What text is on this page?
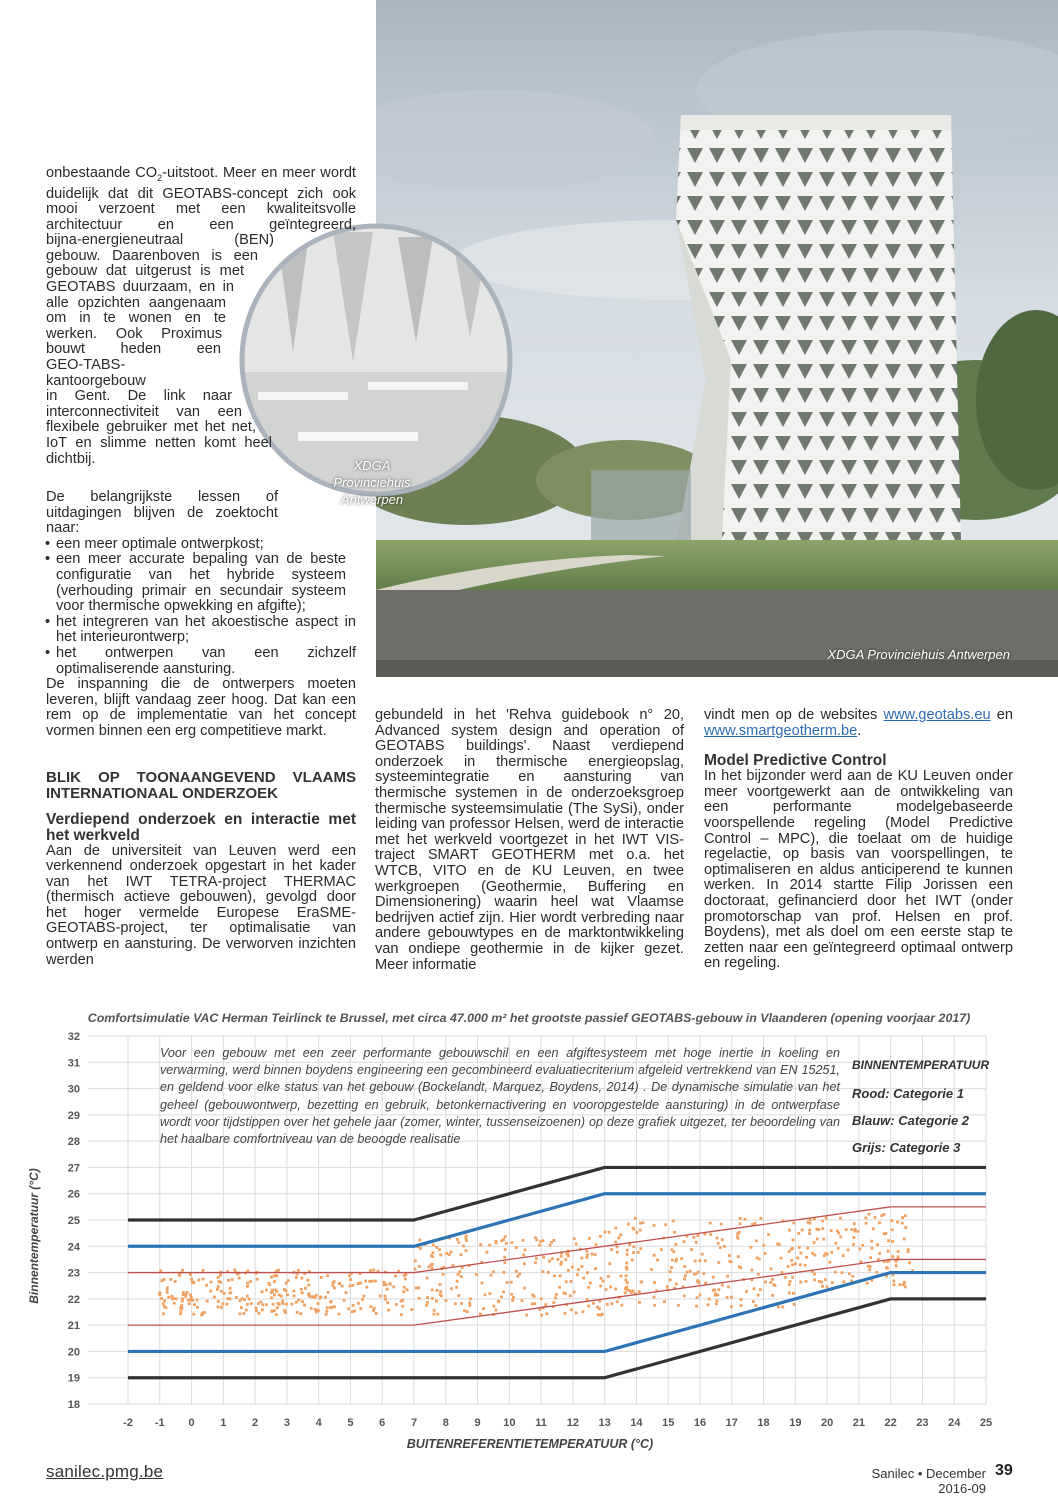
XDGA Provinciehuis
Antwerpen
XDGA Provinciehuis Antwerpen

onbestaande $CO_2$-uitstoot. Meer en meer wordt
duidelijk dat dit GEOTABS-concept zich ook
mooi verzoent met een kwaliteitsvolle
architectuur en een geïntegreerd,
bijna-energieneutraal (BEN)
gebouw. Daarenboven is een
gebouw dat uitgerust is met
GEOTABS duurzaam, en in
alle opzichten aangenaam
om in te wonen en te
werken. Ook Proximus
bouwt heden een
GEO-TABS-kantoorgebouw
in Gent. De link naar
interconnectiviteit van een
flexibele gebruiker met het net,
IoT en slimme netten komt heel
dichtbij.

De belangrijkste lessen of uitdagingen blijven de zoektocht naar:

• een meer optimale ontwerpkost;
• een meer accurate bepaling van de beste configuratie van het hybride systeem (verhouding primair en secundair systeem voor thermische opwekking en afgifte);
• het integreren van het akoestische aspect in het interieurontwerp;
• het ontwerpen van een zichzelf optimaliserende aansturing.

De inspanning die de ontwerpers moeten leveren, blijft vandaag zeer hoog. Dat kan een rem op de implementatie van het concept vormen binnen een erg competitieve markt.

BLIK OP TOONAANGEVEND VLAAMS INTERNATIONAAL ONDERZOEK
Verdiepend onderzoek en interactie met het werkveld

Aan de universiteit van Leuven werd een verkennend onderzoek opgestart in het kader van het IWT TETRA-project THERMAC (thermisch actieve gebouwen), gevolgd door het hoger vermelde Europese EraSME-GEOTABS-project, ter optimalisatie van ontwerp en aansturing. De verworven inzichten werden

gebundeld in het 'Rehva guidebook n° 20, Advanced system design and operation of GEOTABS buildings'. Naast verdiepend onderzoek in thermische energieopslag, systeemintegratie en aansturing van thermische systemen in de onderzoeksgroep thermische systeemsimulatie (The SySi), onder leiding van professor Helsen, werd de interactie met het werkveld voortgezet in het IWT VIS-traject SMART GEOTHERM met o.a. het WTCB, VITO en de KU Leuven, en twee werkgroepen (Geothermie, Buffering en Dimensionering) waarin heel wat Vlaamse bedrijven actief zijn. Hier wordt verbreding naar andere gebouwtypes en de marktontwikkeling van ondiepe geothermie in de kijker gezet. Meer informatie

vindt men op de websites www.geotabs.eu en www.smartgeotherm.be.

Model Predictive Control

In het bijzonder werd aan de KU Leuven onder meer voortgewerkt aan de ontwikkeling van een performante modelgebaseerde voorspellende regeling (Model Predictive Control – MPC), die toelaat om de huidige regelactie, op basis van voorspellingen, te optimaliseren en aldus anticiperend te kunnen werken. In 2014 startte Filip Jorissen een doctoraat, gefinancierd door het IWT (onder promotorschap van prof. Helsen en prof. Boydens), met als doel om een eerste stap te zetten naar een geïntegreerd optimaal ontwerp en regeling.

Comfortsimulatie VAC Herman Teirlinck te Brussel, met circa 47.000 m² het grootste passief GEOTABS-gebouw in Vlaanderen (opening voorjaar 2017)
18
19
20
21
22
23
24
25
26
27
28
29
30
31
32
-2 -1 0 1 2 3 4 5 6 7 8 9 10 11 12 13 14 15 16 17 18 19 20 21 22 23 24 25
Binnentemperatuur (°C)
Voor een gebouw met een zeer performante gebouwschil en een afgiftesysteem met hoge inertie in koeling en verwarming, werd binnen boydens engineering een gecombineerd evaluatiecriterium afgeleid vertrekkend van EN 15251, en geldend voor elke status van het gebouw (Bockelandt, Marquez, Boydens, 2014) . De dynamische simulatie van het geheel (gebouwontwerp, bezetting en gebruik, betonkernactivering en vooropgestelde aansturing) in de ontwerpfase wordt voor tijdstippen over het gehele jaar (zomer, winter, tussenseizoenen) op deze grafiek uitgezet, ter beoordeling van het haalbare comfortniveau van de beoogde realisatie
BINNENTEMPERATUUR
Rood: Categorie 1
Blauw: Categorie 2
Grijs: Categorie 3
BUITENREFERENTIETEMPERATUUR (°C)
sanilec.pmg.be	Sanilec • December 2016-09
39
